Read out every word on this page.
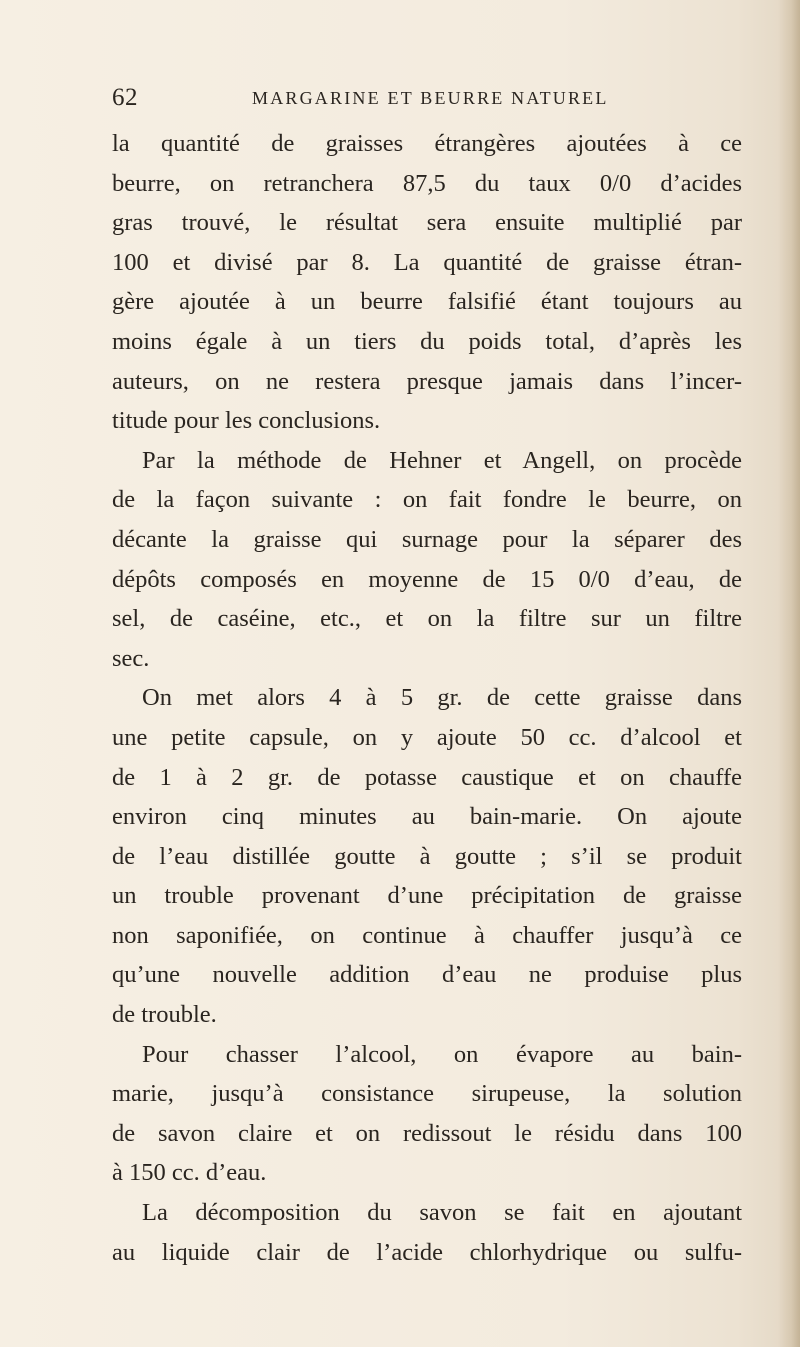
62	MARGARINE ET BEURRE NATUREL
la quantité de graisses étrangères ajoutées à ce
beurre, on retranchera 87,5 du taux 0/0 d’acides
gras trouvé, le résultat sera ensuite multiplié par
100 et divisé par 8. La quantité de graisse étran-
gère ajoutée à un beurre falsifié étant toujours au
moins égale à un tiers du poids total, d’après les
auteurs, on ne restera presque jamais dans l’incer-
titude pour les conclusions.
Par la méthode de Hehner et Angell, on procède
de la façon suivante : on fait fondre le beurre, on
décante la graisse qui surnage pour la séparer des
dépôts composés en moyenne de 15 0/0 d’eau, de
sel, de caséine, etc., et on la filtre sur un filtre
sec.
On met alors 4 à 5 gr. de cette graisse dans
une petite capsule, on y ajoute 50 cc. d’alcool et
de 1 à 2 gr. de potasse caustique et on chauffe
environ cinq minutes au bain-marie. On ajoute
de l’eau distillée goutte à goutte ; s’il se produit
un trouble provenant d’une précipitation de graisse
non saponifiée, on continue à chauffer jusqu’à ce
qu’une nouvelle addition d’eau ne produise plus
de trouble.
Pour chasser l’alcool, on évapore au bain-
marie, jusqu’à consistance sirupeuse, la solution
de savon claire et on redissout le résidu dans 100
à 150 cc. d’eau.
La décomposition du savon se fait en ajoutant
au liquide clair de l’acide chlorhydrique ou sulfu-
